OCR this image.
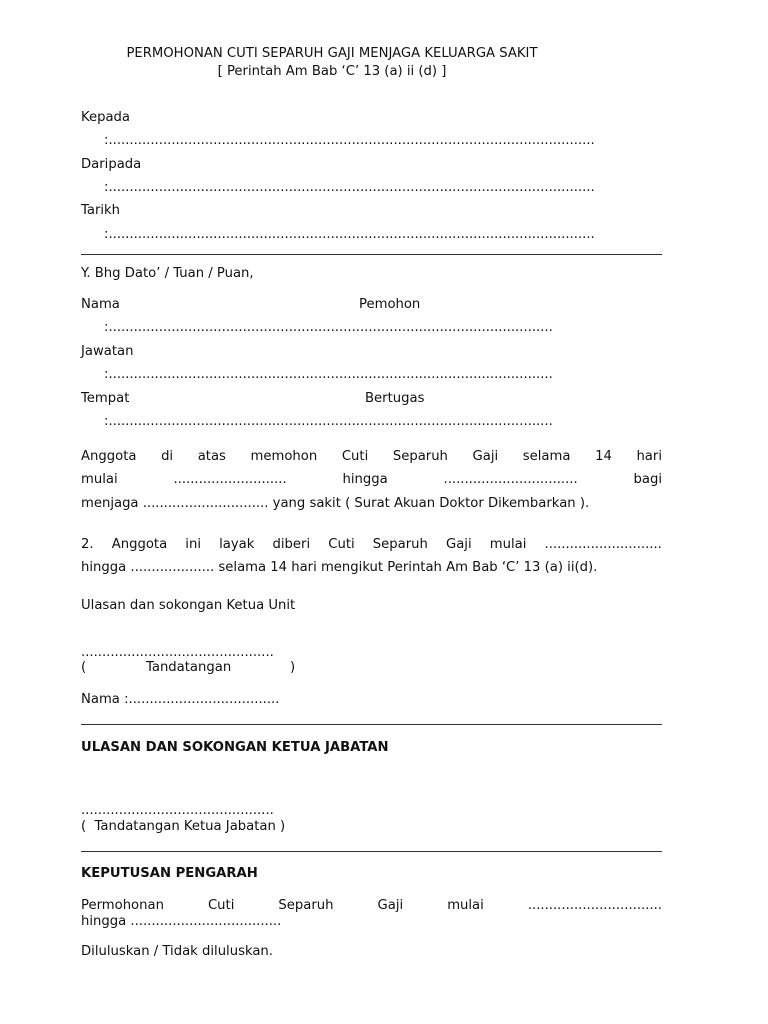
PERMOHONAN CUTI SEPARUH GAJI MENJAGA KELUARGA SAKIT
[ Perintah Am Bab ‘C’ 13 (a) ii (d) ]
Kepada
:....................................................................................................................
Daripada
:....................................................................................................................
Tarikh
:....................................................................................................................
Y. Bhg Dato’ / Tuan / Puan,
Nama	Pemohon
:..........................................................................................................
Jawatan
:..........................................................................................................
Tempat	Bertugas
:..........................................................................................................
Anggota di atas memohon Cuti Separuh Gaji selama 14 hari
mulai	...........................	hingga	................................	bagi
menjaga .............................. yang sakit ( Surat Akuan Doktor Dikembarkan ).
2. Anggota ini layak diberi Cuti Separuh Gaji mulai ............................
hingga .................... selama 14 hari mengikut Perintah Am Bab ‘C’ 13 (a) ii(d).
Ulasan dan sokongan Ketua Unit
..............................................
(	Tandatangan	)
Nama :....................................
ULASAN DAN SOKONGAN KETUA JABATAN
..............................................
(  Tandatangan Ketua Jabatan )
KEPUTUSAN PENGARAH
Permohonan	Cuti	Separuh	Gaji	mulai	................................
hingga ....................................
Diluluskan / Tidak diluluskan.
